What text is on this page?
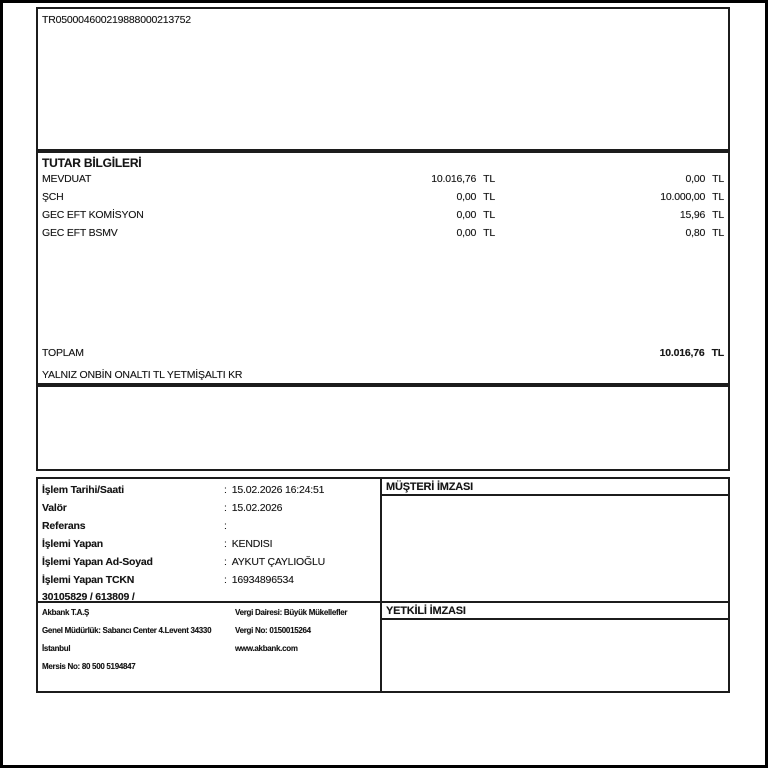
TR050004600219888000213752
TUTAR BİLGİLERİ
MEVDUAT	10.016,76 TL	0,00 TL
ŞCH	0,00 TL	10.000,00 TL
GEC EFT KOMİSYON	0,00 TL	15,96 TL
GEC EFT BSMV	0,00 TL	0,80 TL
TOPLAM	10.016,76 TL
YALNIZ ONBİN ONALTI TL YETMİŞALTI KR
İşlem Tarihi/Saati	: 15.02.2026 16:24:51
Valör	: 15.02.2026
Referans	:
İşlemi Yapan	: KENDISI
İşlemi Yapan Ad-Soyad	: AYKUT ÇAYLIOĞLU
İşlemi Yapan TCKN	: 16934896534
30105829 / 613809 /
Akbank T.A.Ş	Vergi Dairesi: Büyük Mükellefler
Genel Müdürlük: Sabancı Center 4.Levent 34330	Vergi No: 0150015264
İstanbul	www.akbank.com
Mersis No: 80 500 5194847
MÜŞTERİ İMZASI
YETKİLİ İMZASI
